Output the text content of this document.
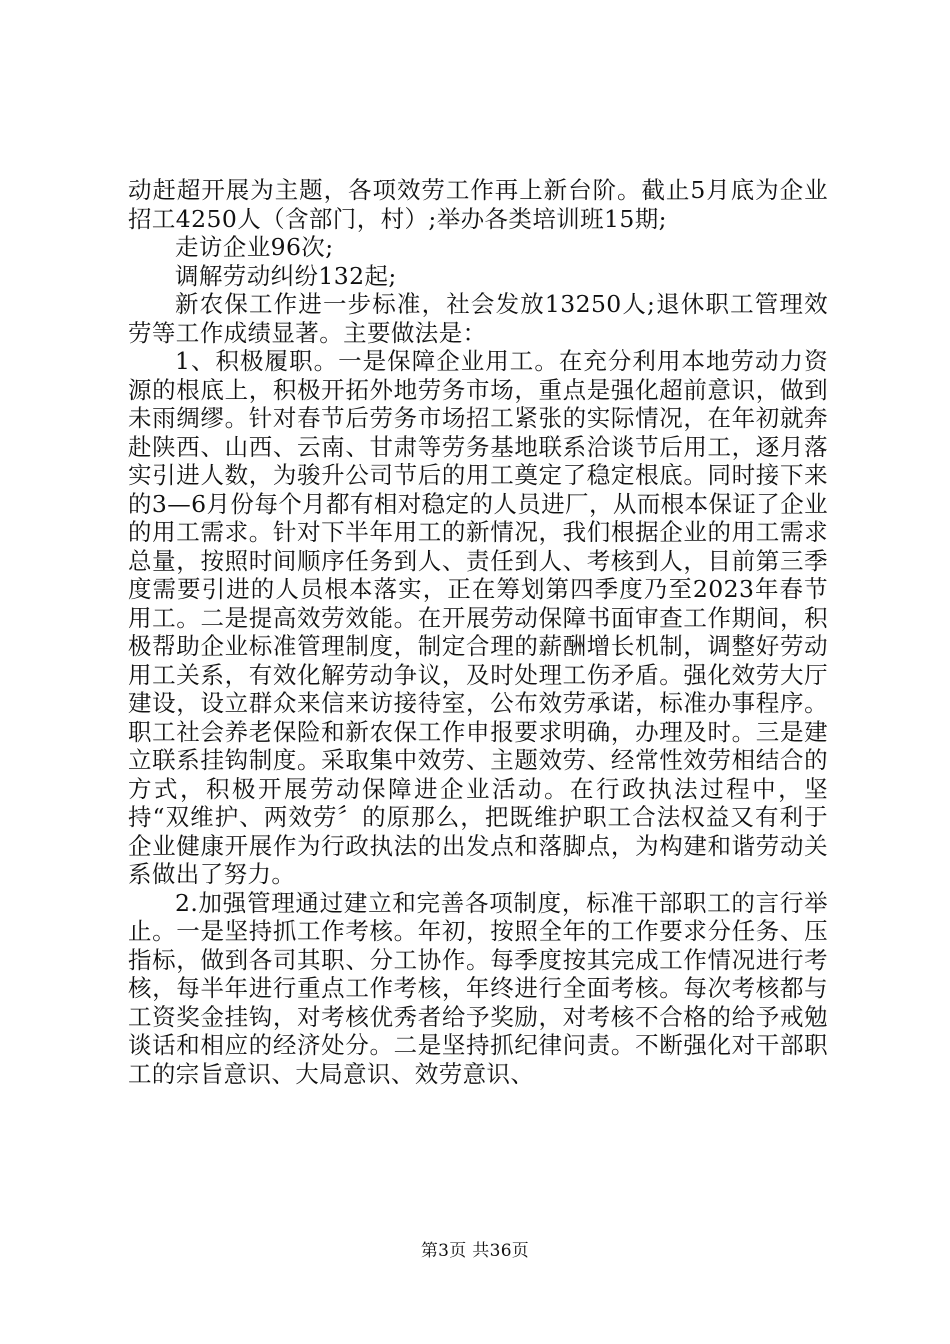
动赶超开展为主题，各项效劳工作再上新台阶。截止5月底为企业招工4250人（含部门，村）;举办各类培训班15期;

走访企业96次;

调解劳动纠纷132起;

新农保工作进一步标准，社会发放13250人;退休职工管理效劳等工作成绩显著。主要做法是：

1、积极履职。一是保障企业用工。在充分利用本地劳动力资源的根底上，积极开拓外地劳务市场，重点是强化超前意识，做到未雨绸缪。针对春节后劳务市场招工紧张的实际情况，在年初就奔赴陕西、山西、云南、甘肃等劳务基地联系洽谈节后用工，逐月落实引进人数，为骏升公司节后的用工奠定了稳定根底。同时接下来的3—6月份每个月都有相对稳定的人员进厂，从而根本保证了企业的用工需求。针对下半年用工的新情况，我们根据企业的用工需求总量，按照时间顺序任务到人、责任到人、考核到人，目前第三季度需要引进的人员根本落实，正在筹划第四季度乃至2023年春节用工。二是提高效劳效能。在开展劳动保障书面审查工作期间，积极帮助企业标准管理制度，制定合理的薪酬增长机制，调整好劳动用工关系，有效化解劳动争议，及时处理工伤矛盾。强化效劳大厅建设，设立群众来信来访接待室，公布效劳承诺，标准办事程序。职工社会养老保险和新农保工作申报要求明确，办理及时。三是建立联系挂钩制度。采取集中效劳、主题效劳、经常性效劳相结合的方式，积极开展劳动保障进企业活动。在行政执法过程中，坚持“双维护、两效劳〞的原那么，把既维护职工合法权益又有利于企业健康开展作为行政执法的出发点和落脚点，为构建和谐劳动关系做出了努力。

2.加强管理通过建立和完善各项制度，标准干部职工的言行举止。一是坚持抓工作考核。年初，按照全年的工作要求分任务、压指标，做到各司其职、分工协作。每季度按其完成工作情况进行考核，每半年进行重点工作考核，年终进行全面考核。每次考核都与工资奖金挂钩，对考核优秀者给予奖励，对考核不合格的给予戒勉谈话和相应的经济处分。二是坚持抓纪律问责。不断强化对干部职工的宗旨意识、大局意识、效劳意识、

第3页 共36页
